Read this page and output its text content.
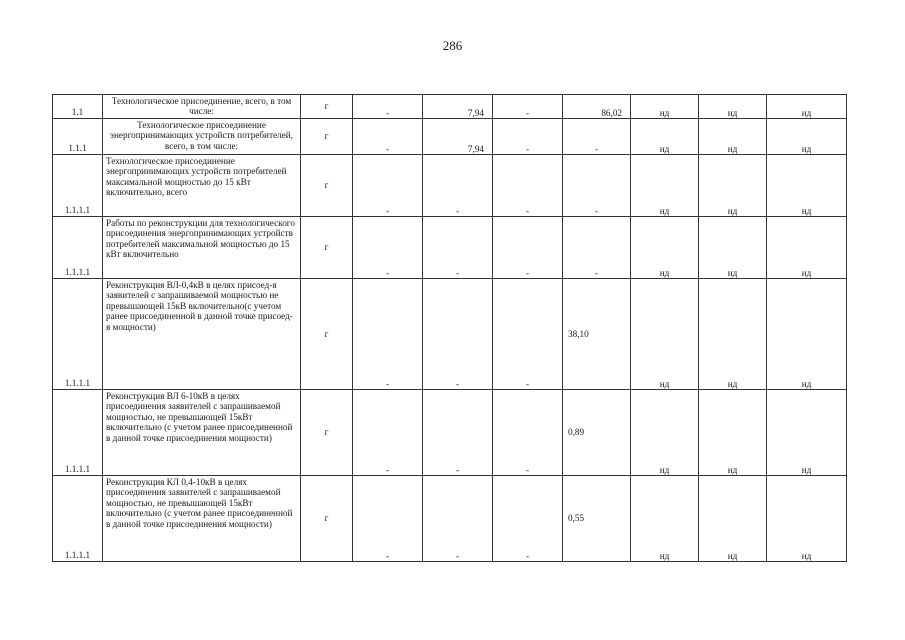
286
1.1	Технологическое присоединение, всего, в том числе:	г	-	7,94	-	86,02	нд	нд	нд
1.1.1	Технологическое присоединение энергопринимающих устройств потребителей, всего, в том числе:	г	-	7,94	-	-	нд	нд	нд
1.1.1.1	Технологическое присоединение энергопринимающих устройств потребителей максимальной мощностью до 15 кВт включительно, всего	г	-	-	-	-	нд	нд	нд
1.1.1.1	Работы по реконструкции для технологического присоединения энергопринимающих устройств потребителей максимальной мощностью до 15 кВт включительно	г	-	-	-	-	нд	нд	нд
1.1.1.1	Реконструкция ВЛ-0,4кВ в целях присоед-я заявителей с запрашиваемой мощностью не превышающей 15кВ включительно(с учетом ранее присоединенной в данной точке присоед-я мощности)	г	-	-	-	38,10	нд	нд	нд
1.1.1.1	Реконструкция ВЛ 6-10кВ в целях присоединения заявителей с запрашиваемой мощностью, не превышающей 15кВт включительно (с учетом ранее присоединенной в данной точке присоединения мощности)	г	-	-	-	0,89	нд	нд	нд
1.1.1.1	Реконструкция КЛ 0,4-10кВ в целях присоединения заявителей с запрашиваемой мощностью, не превышающей 15кВт включительно (с учетом ранее присоединенной в данной точке присоединения мощности)	г	-	-	-	0,55	нд	нд	нд
